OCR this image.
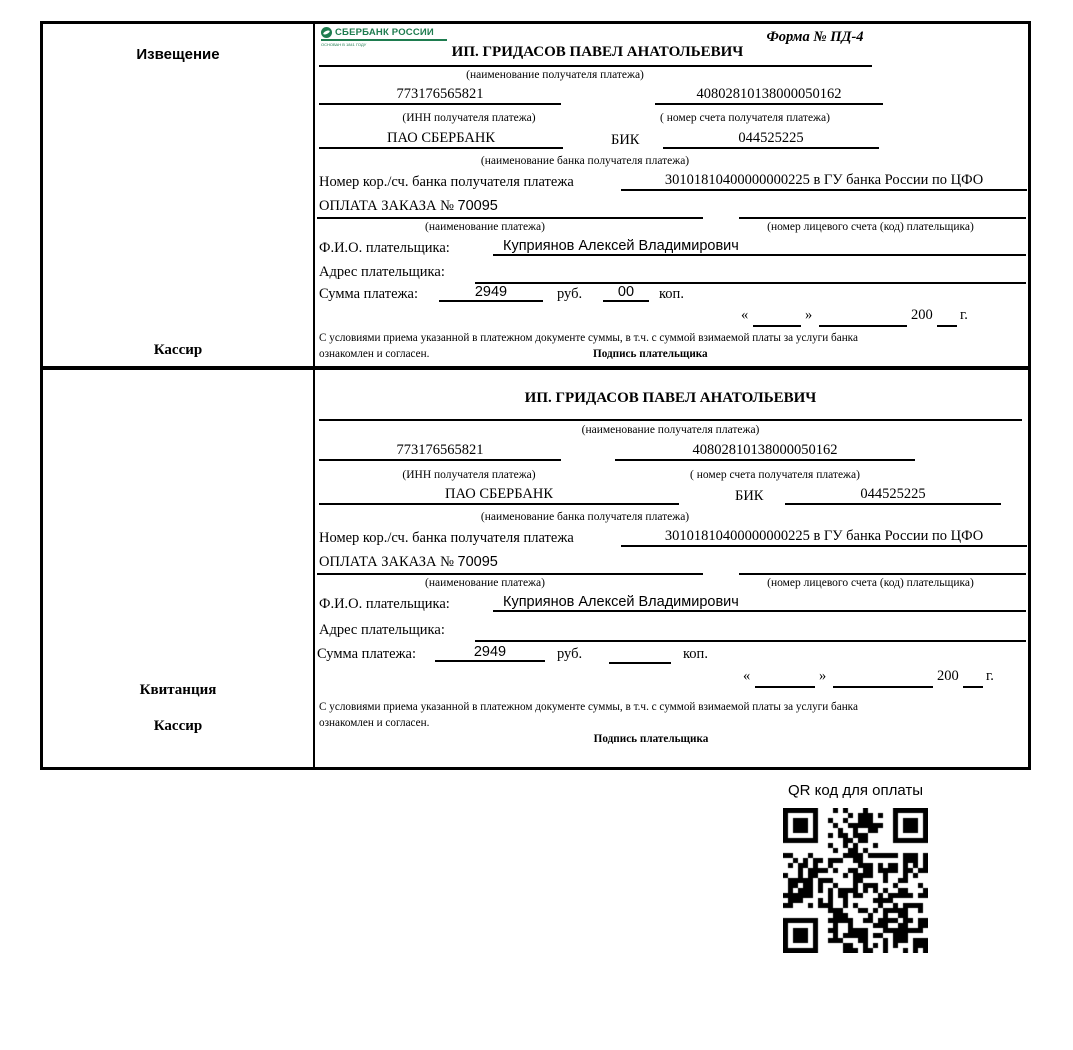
Извещение
Кассир
СБЕРБАНК РОССИИ
ОСНОВАН В 1841 ГОДУ	Форма № ПД-4
ИП. ГРИДАСОВ ПАВЕЛ АНАТОЛЬЕВИЧ
(наименование получателя платежа)
773176565821	40802810138000050162
(ИНН получателя платежа)	( номер счета получателя платежа)
ПАО СБЕРБАНК	БИК	044525225
(наименование банка получателя платежа)
Номер кор./сч. банка получателя платежа	30101810400000000225 в ГУ банка России по ЦФО
ОПЛАТА ЗАКАЗА № 70095
(наименование платежа)	(номер лицевого счета (код) плательщика)
Ф.И.О. плательщика:	Куприянов Алексей Владимирович
Адрес плательщика:
Сумма платежа:	2949	руб.	00	коп.
«	»	200 г.
С условиями приема указанной в платежном документе суммы, в т.ч. с суммой взимаемой платы за услуги банка
ознакомлен и согласен.	Подпись плательщика
Квитанция
Кассир
ИП. ГРИДАСОВ ПАВЕЛ АНАТОЛЬЕВИЧ
(наименование получателя платежа)
773176565821	40802810138000050162
(ИНН получателя платежа)	( номер счета получателя платежа)
ПАО СБЕРБАНК	БИК	044525225
(наименование банка получателя платежа)
Номер кор./сч. банка получателя платежа	30101810400000000225 в ГУ банка России по ЦФО
ОПЛАТА ЗАКАЗА № 70095
(наименование платежа)	(номер лицевого счета (код) плательщика)
Ф.И.О. плательщика:	Куприянов Алексей Владимирович
Адрес плательщика:
Сумма платежа:	2949	руб.	коп.
«	»	200 г.
С условиями приема указанной в платежном документе суммы, в т.ч. с суммой взимаемой платы за услуги банка
ознакомлен и согласен.
Подпись плательщика
QR код для оплаты
